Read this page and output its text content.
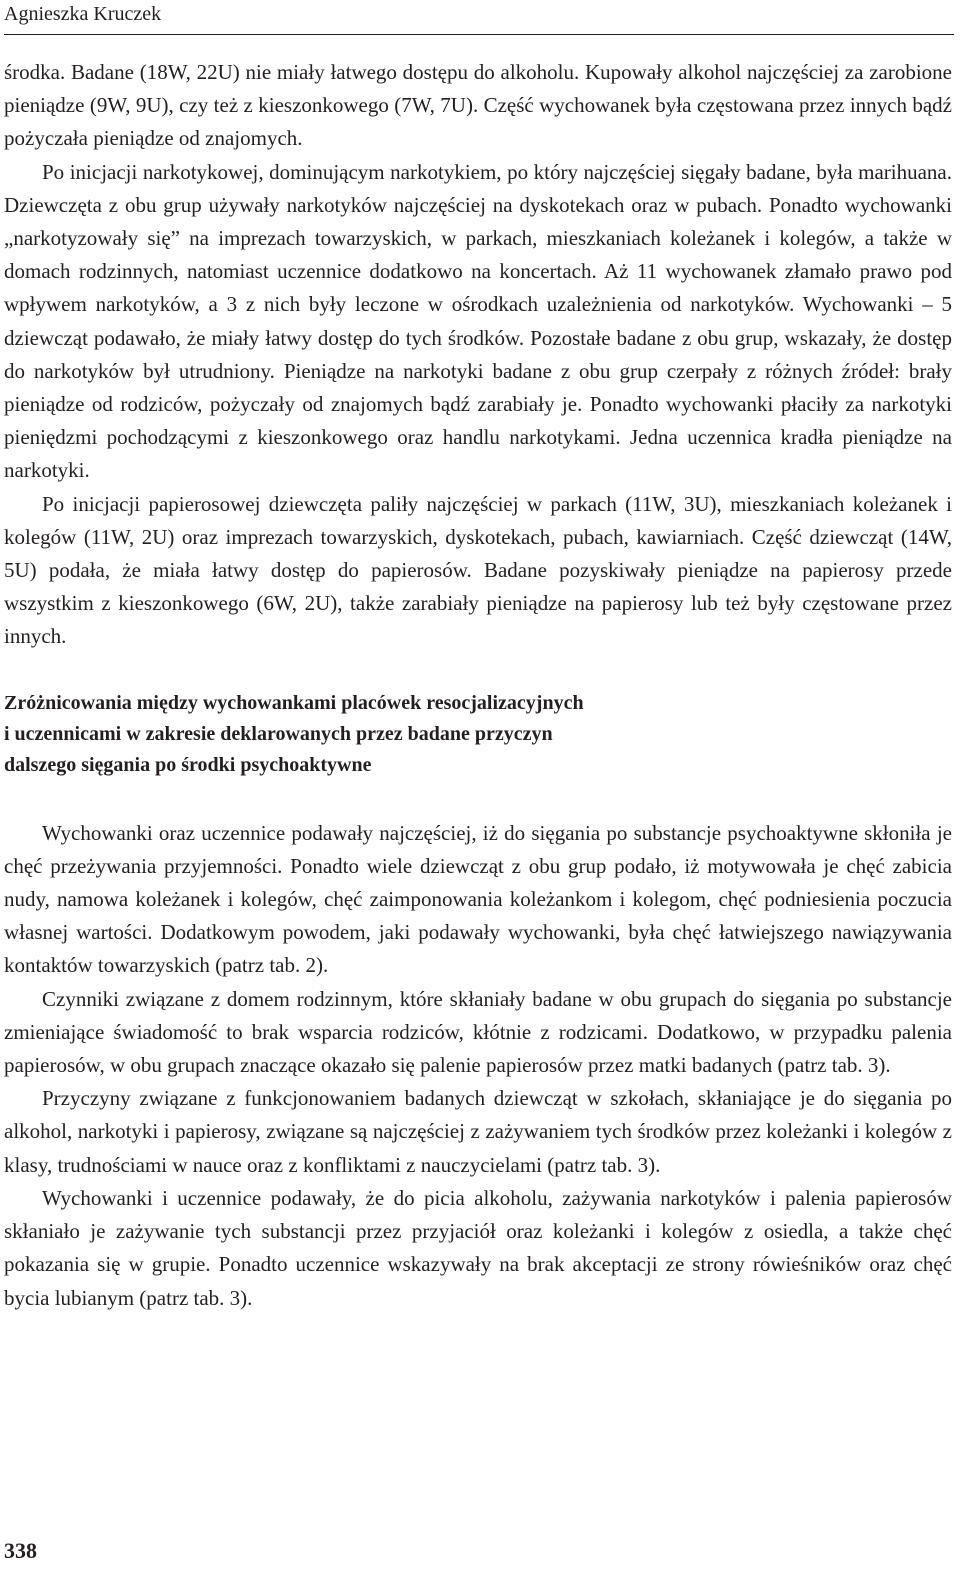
Agnieszka Kruczek

środka. Badane (18W, 22U) nie miały łatwego dostępu do alkoholu. Kupowały alkohol najczęściej za zarobione pieniądze (9W, 9U), czy też z kieszonkowego (7W, 7U). Część wychowanek była częstowana przez innych bądź pożyczała pieniądze od znajomych.

Po inicjacji narkotykowej, dominującym narkotykiem, po który najczęściej sięgały badane, była marihuana. Dziewczęta z obu grup używały narkotyków najczęściej na dyskotekach oraz w pubach. Ponadto wychowanki „narkotyzowały się” na imprezach towarzyskich, w parkach, mieszkaniach koleżanek i kolegów, a także w domach rodzinnych, natomiast uczennice dodatkowo na koncertach. Aż 11 wychowanek złamało prawo pod wpływem narkotyków, a 3 z nich były leczone w ośrodkach uzależnienia od narkotyków. Wychowanki – 5 dziewcząt podawało, że miały łatwy dostęp do tych środków. Pozostałe badane z obu grup, wskazały, że dostęp do narkotyków był utrudniony. Pieniądze na narkotyki badane z obu grup czerpały z różnych źródeł: brały pieniądze od rodziców, pożyczały od znajomych bądź zarabiały je. Ponadto wychowanki płaciły za narkotyki pieniędzmi pochodzącymi z kieszonkowego oraz handlu narkotykami. Jedna uczennica kradła pieniądze na narkotyki.

Po inicjacji papierosowej dziewczęta paliły najczęściej w parkach (11W, 3U), mieszkaniach koleżanek i kolegów (11W, 2U) oraz imprezach towarzyskich, dyskotekach, pubach, kawiarniach. Część dziewcząt (14W, 5U) podała, że miała łatwy dostęp do papierosów. Badane pozyskiwały pieniądze na papierosy przede wszystkim z kieszonkowego (6W, 2U), także zarabiały pieniądze na papierosy lub też były częstowane przez innych.

Zróżnicowania między wychowankami placówek resocjalizacyjnych
i uczennicami w zakresie deklarowanych przez badane przyczyn
dalszego sięgania po środki psychoaktywne

Wychowanki oraz uczennice podawały najczęściej, iż do sięgania po substancje psychoaktywne skłoniła je chęć przeżywania przyjemności. Ponadto wiele dziewcząt z obu grup podało, iż motywowała je chęć zabicia nudy, namowa koleżanek i kolegów, chęć zaimponowania koleżankom i kolegom, chęć podniesienia poczucia własnej wartości. Dodatkowym powodem, jaki podawały wychowanki, była chęć łatwiejszego nawiązywania kontaktów towarzyskich (patrz tab. 2).

Czynniki związane z domem rodzinnym, które skłaniały badane w obu grupach do sięgania po substancje zmieniające świadomość to brak wsparcia rodziców, kłótnie z rodzicami. Dodatkowo, w przypadku palenia papierosów, w obu grupach znaczące okazało się palenie papierosów przez matki badanych (patrz tab. 3).

Przyczyny związane z funkcjonowaniem badanych dziewcząt w szkołach, skłaniające je do sięgania po alkohol, narkotyki i papierosy, związane są najczęściej z zażywaniem tych środków przez koleżanki i kolegów z klasy, trudnościami w nauce oraz z konfliktami z nauczycielami (patrz tab. 3).

Wychowanki i uczennice podawały, że do picia alkoholu, zażywania narkotyków i palenia papierosów skłaniało je zażywanie tych substancji przez przyjaciół oraz koleżanki i kolegów z osiedla, a także chęć pokazania się w grupie. Ponadto uczennice wskazywały na brak akceptacji ze strony rówieśników oraz chęć bycia lubianym (patrz tab. 3).

338
